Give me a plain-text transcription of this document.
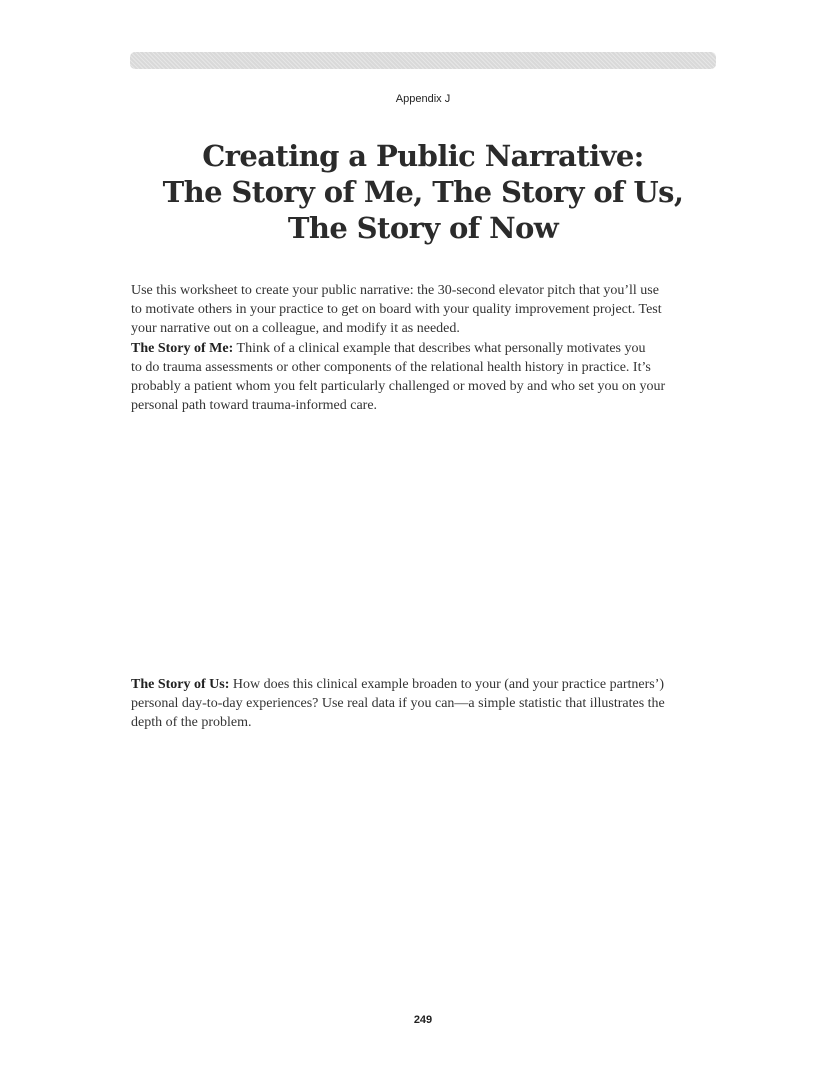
Appendix J
Creating a Public Narrative:
The Story of Me, The Story of Us,
The Story of Now
Use this worksheet to create your public narrative: the 30-second elevator pitch that you’ll use
to motivate others in your practice to get on board with your quality improvement project. Test
your narrative out on a colleague, and modify it as needed.
The Story of Me: Think of a clinical example that describes what personally motivates you
to do trauma assessments or other components of the relational health history in practice. It’s
probably a patient whom you felt particularly challenged or moved by and who set you on your
personal path toward trauma-informed care.
The Story of Us: How does this clinical example broaden to your (and your practice partners’)
personal day-to-day experiences? Use real data if you can—a simple statistic that illustrates the
depth of the problem.
249
